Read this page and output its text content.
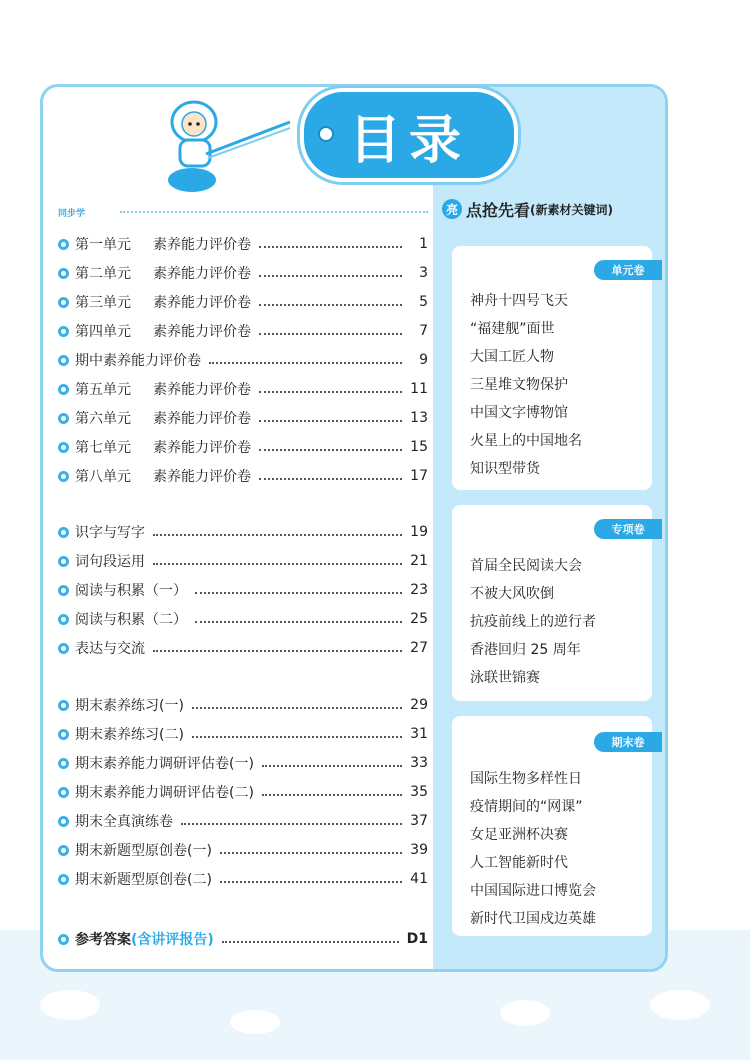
目录
同步学
第一单元 素养能力评价卷	1
第二单元 素养能力评价卷	3
第三单元 素养能力评价卷	5
第四单元 素养能力评价卷	7
期中素养能力评价卷	9
第五单元 素养能力评价卷	11
第六单元 素养能力评价卷	13
第七单元 素养能力评价卷	15
第八单元 素养能力评价卷	17
识字与写字	19
词句段运用	21
阅读与积累（一）	23
阅读与积累（二）	25
表达与交流	27
期末素养练习(一)	29
期末素养练习(二)	31
期末素养能力调研评估卷(一)	33
期末素养能力调研评估卷(二)	35
期末全真演练卷	37
期末新题型原创卷(一)	39
期末新题型原创卷(二)	41
参考答案(含讲评报告)	D1
亮 点抢先看 (新素材关键词)
单元卷
神舟十四号飞天
“福建舰”面世
大国工匠人物
三星堆文物保护
中国文字博物馆
火星上的中国地名
知识型带货
专项卷
首届全民阅读大会
不被大风吹倒
抗疫前线上的逆行者
香港回归 25 周年
泳联世锦赛
期末卷
国际生物多样性日
疫情期间的“网课”
女足亚洲杯决赛
人工智能新时代
中国国际进口博览会
新时代卫国戍边英雄
